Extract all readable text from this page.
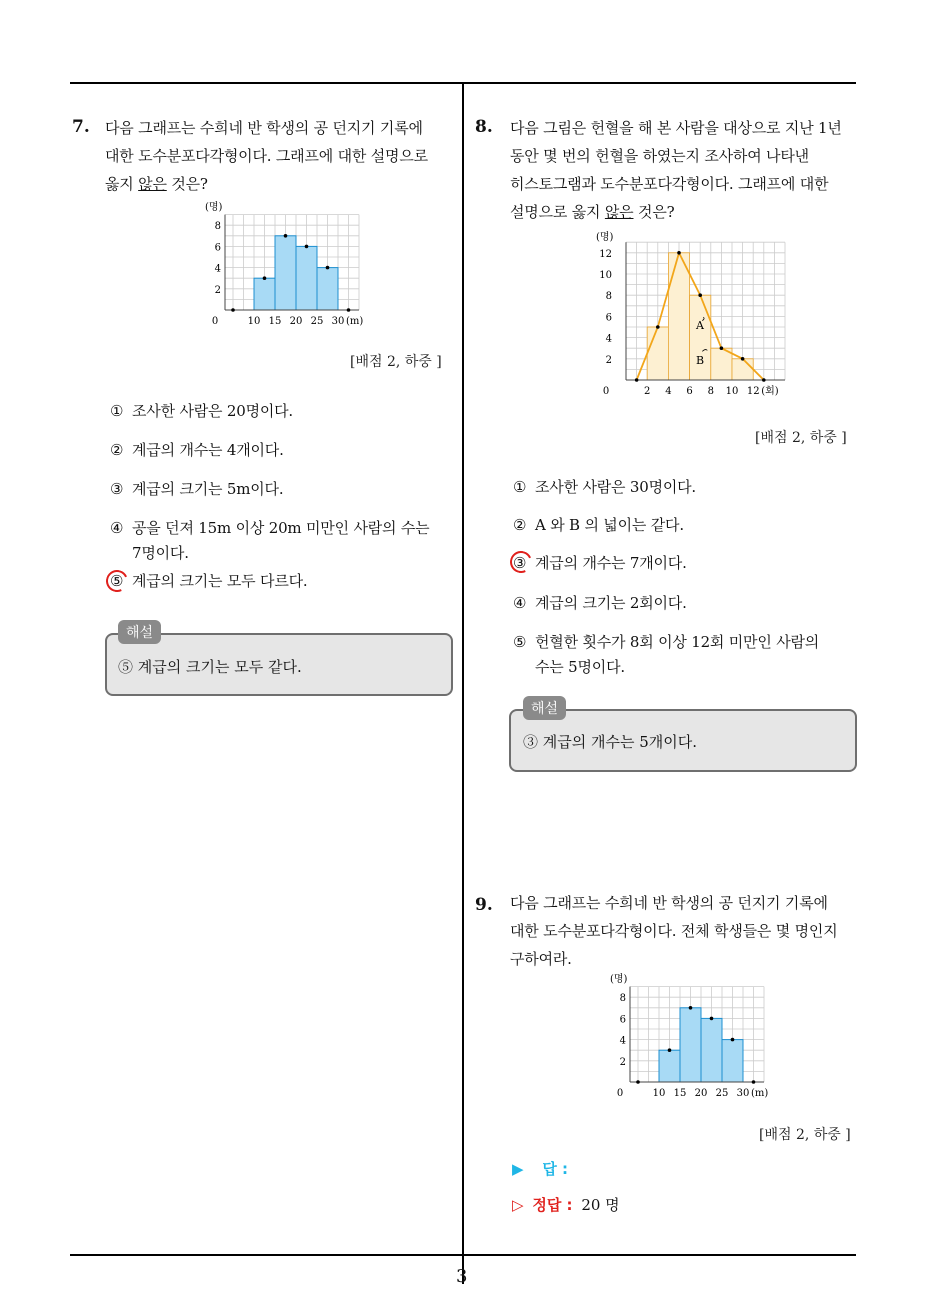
3
7. 다음 그래프는 수희네 반 학생의 공 던지기 기록에
대한 도수분포다각형이다. 그래프에 대한 설명으로
옳지 않은 것은?
2
4
6
8
(명)
0	10 15 20 25 30 (m)
[배점 2, 하중 ]
① 조사한 사람은 20명이다.
② 계급의 개수는 4개이다.
③ 계급의 크기는 5m이다.
④ 공을 던져 15m 이상 20m 미만인 사람의 수는
7명이다.
⑤ 계급의 크기는 모두 다르다.
해설
⑤ 계급의 크기는 모두 같다.
8. 다음 그림은 헌혈을 해 본 사람을 대상으로 지난 1년
동안 몇 번의 헌혈을 하였는지 조사하여 나타낸
히스토그램과 도수분포다각형이다. 그래프에 대한
설명으로 옳지 않은 것은?
A
B
2
4
6
8
10
12
(명)
0	2 4 6 8 10 12 (회)
[배점 2, 하중 ]
① 조사한 사람은 30명이다.
② A 와 B 의 넓이는 같다.
③ 계급의 개수는 7개이다.
④ 계급의 크기는 2회이다.
⑤ 헌혈한 횟수가 8회 이상 12회 미만인 사람의
수는 5명이다.
해설
③ 계급의 개수는 5개이다.
9. 다음 그래프는 수희네 반 학생의 공 던지기 기록에
대한 도수분포다각형이다. 전체 학생들은 몇 명인지
구하여라.
2
4
6
8
(명)
0	10 15 20 25 30 (m)
[배점 2, 하중 ]
▶ 답 :
▷ 정답 : 20 명
